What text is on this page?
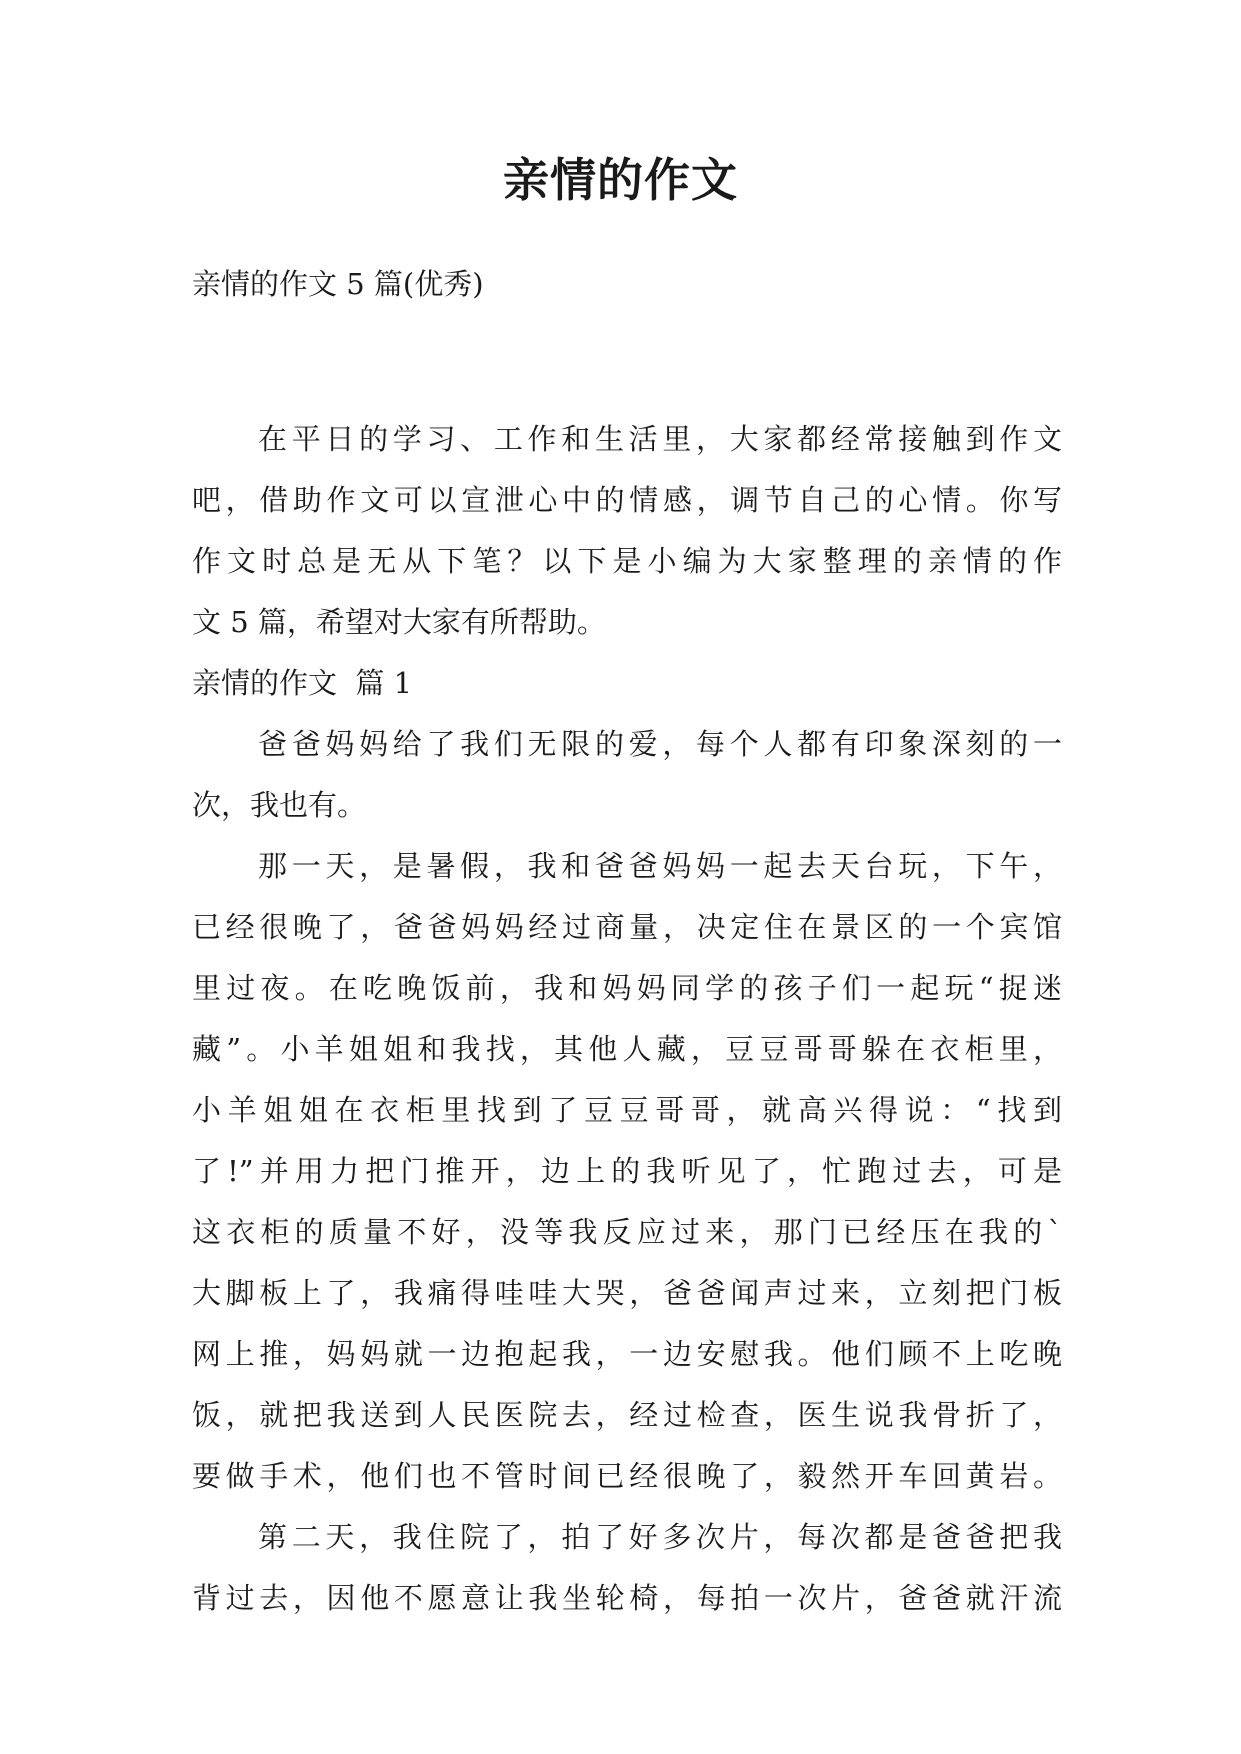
亲情的作文
亲情的作文 5 篇(优秀)
在平日的学习、工作和生活里，大家都经常接触到作文
吧，借助作文可以宣泄心中的情感，调节自己的心情。你写
作文时总是无从下笔？以下是小编为大家整理的亲情的作
文 5 篇，希望对大家有所帮助。
亲情的作文  篇 1
爸爸妈妈给了我们无限的爱，每个人都有印象深刻的一
次，我也有。
那一天，是暑假，我和爸爸妈妈一起去天台玩，下午，
已经很晚了，爸爸妈妈经过商量，决定住在景区的一个宾馆
里过夜。在吃晚饭前，我和妈妈同学的孩子们一起玩“捉迷
藏”。小羊姐姐和我找，其他人藏，豆豆哥哥躲在衣柜里，
小羊姐姐在衣柜里找到了豆豆哥哥，就高兴得说：“找到
了!”并用力把门推开，边上的我听见了，忙跑过去，可是
这衣柜的质量不好，没等我反应过来，那门已经压在我的`
大脚板上了，我痛得哇哇大哭，爸爸闻声过来，立刻把门板
网上推，妈妈就一边抱起我，一边安慰我。他们顾不上吃晚
饭，就把我送到人民医院去，经过检查，医生说我骨折了，
要做手术，他们也不管时间已经很晚了，毅然开车回黄岩。
第二天，我住院了，拍了好多次片，每次都是爸爸把我
背过去，因他不愿意让我坐轮椅，每拍一次片，爸爸就汗流
